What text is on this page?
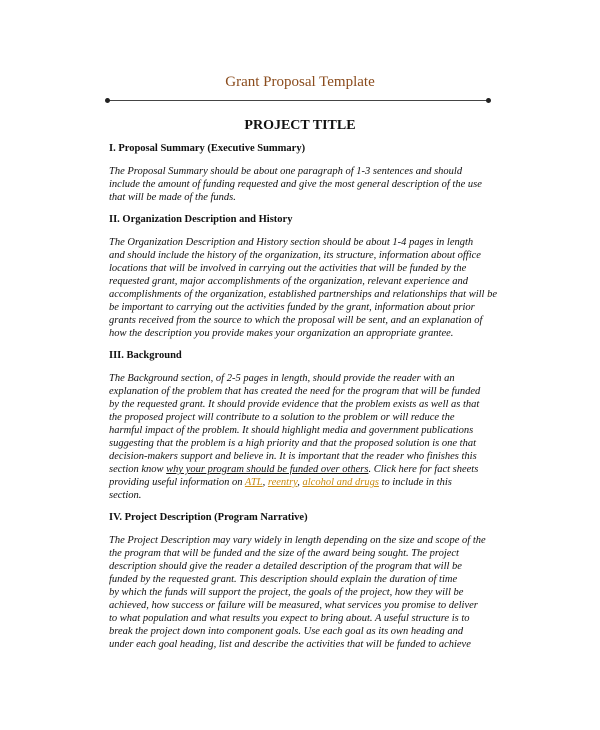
Grant Proposal Template
PROJECT TITLE
I. Proposal Summary (Executive Summary)
The Proposal Summary should be about one paragraph of 1-3 sentences and should
include the amount of funding requested and give the most general description of the use
that will be made of the funds.
II. Organization Description and History
The Organization Description and History section should be about 1-4 pages in length
and should include the history of the organization, its structure, information about office
locations that will be involved in carrying out the activities that will be funded by the
requested grant, major accomplishments of the organization, relevant experience and
accomplishments of the organization, established partnerships and relationships that will be
be important to carrying out the activities funded by the grant, information about prior
grants received from the source to which the proposal will be sent, and an explanation of
how the description you provide makes your organization an appropriate grantee.
III. Background
The Background section, of 2-5 pages in length, should provide the reader with an
explanation of the problem that has created the need for the program that will be funded
by the requested grant. It should provide evidence that the problem exists as well as that
the proposed project will contribute to a solution to the problem or will reduce the
harmful impact of the problem. It should highlight media and government publications
suggesting that the problem is a high priority and that the proposed solution is one that
decision-makers support and believe in. It is important that the reader who finishes this
section know why your program should be funded over others. Click here for fact sheets
providing useful information on ATL, reentry, alcohol and drugs to include in this
section.
IV. Project Description (Program Narrative)
The Project Description may vary widely in length depending on the size and scope of the
the program that will be funded and the size of the award being sought. The project
description should give the reader a detailed description of the program that will be
funded by the requested grant. This description should explain the duration of time
by which the funds will support the project, the goals of the project, how they will be
achieved, how success or failure will be measured, what services you promise to deliver
to what population and what results you expect to bring about. A useful structure is to
break the project down into component goals. Use each goal as its own heading and
under each goal heading, list and describe the activities that will be funded to achieve
